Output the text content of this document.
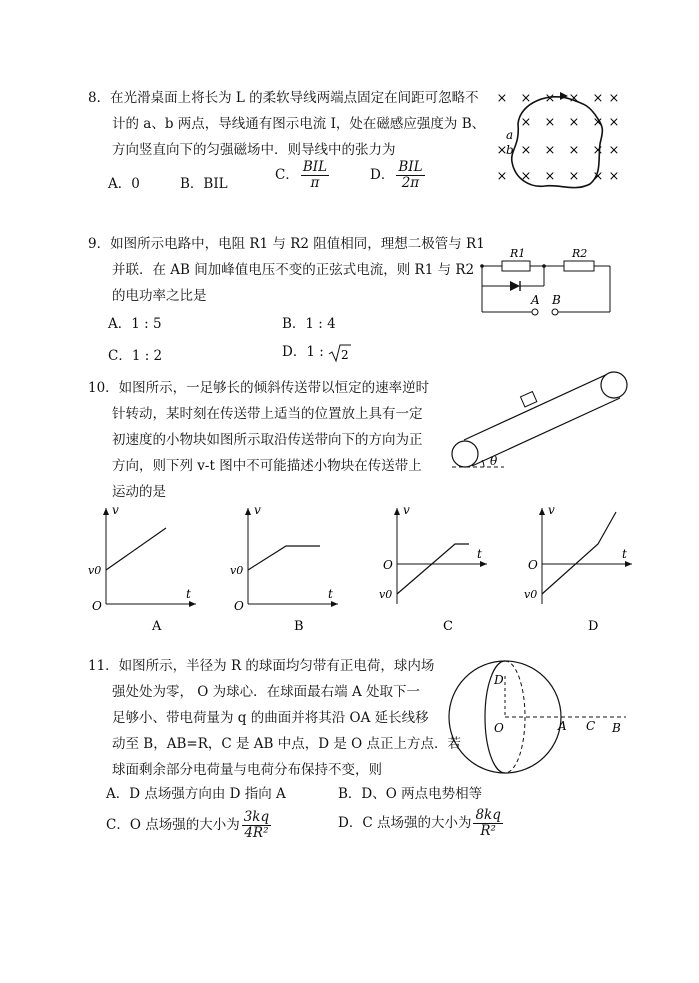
8．在光滑桌面上将长为 L 的柔软导线两端点固定在间距可忽略不
计的 a、b 两点，导线通有图示电流 I，处在磁感应强度为 B、
方向竖直向下的匀强磁场中．则导线中的张力为
A．0	B．BIL
C． $\frac{\text{BIL}}{\pi}$	D． $\frac{\text{BIL}}{2\pi}$
× × × × × ×
× × × × ×
× × × × × ×
× × × × × ×
a
b
9．如图所示电路中，电阻 R1 与 R2 阻值相同，理想二极管与 R1
并联．在 AB 间加峰值电压不变的正弦式电流，则 R1 与 R2
的电功率之比是
A．1 : 5	B．1 : 4
C．1 : 2	D．1 : 2
R1	R2
A B
10．如图所示，一足够长的倾斜传送带以恒定的速率逆时
针转动，某时刻在传送带上适当的位置放上具有一定
初速度的小物块如图所示取沿传送带向下的方向为正
方向，则下列 v-t 图中不可能描述小物块在传送带上
运动的是
θ
v
t
O
v0
A
v
t
O
v0
B
v
t
O
v0
C
v
t
O
v0
D
11．如图所示，半径为 R 的球面均匀带有正电荷，球内场
强处处为零， O 为球心．在球面最右端 A 处取下一
足够小、带电荷量为 q 的曲面并将其沿 OA 延长线移
动至 B，AB=R，C 是 AB 中点，D 是 O 点正上方点．若
球面剩余部分电荷量与电荷分布保持不变，则
A．D 点场强方向由 D 指向 A	B．D、O 两点电势相等
C．O 点场强的大小为 $\frac{3kq}{\text{4R²}}$	D．C 点场强的大小为 $\frac{8kq}{\text{R²}}$
D
O	A C B
